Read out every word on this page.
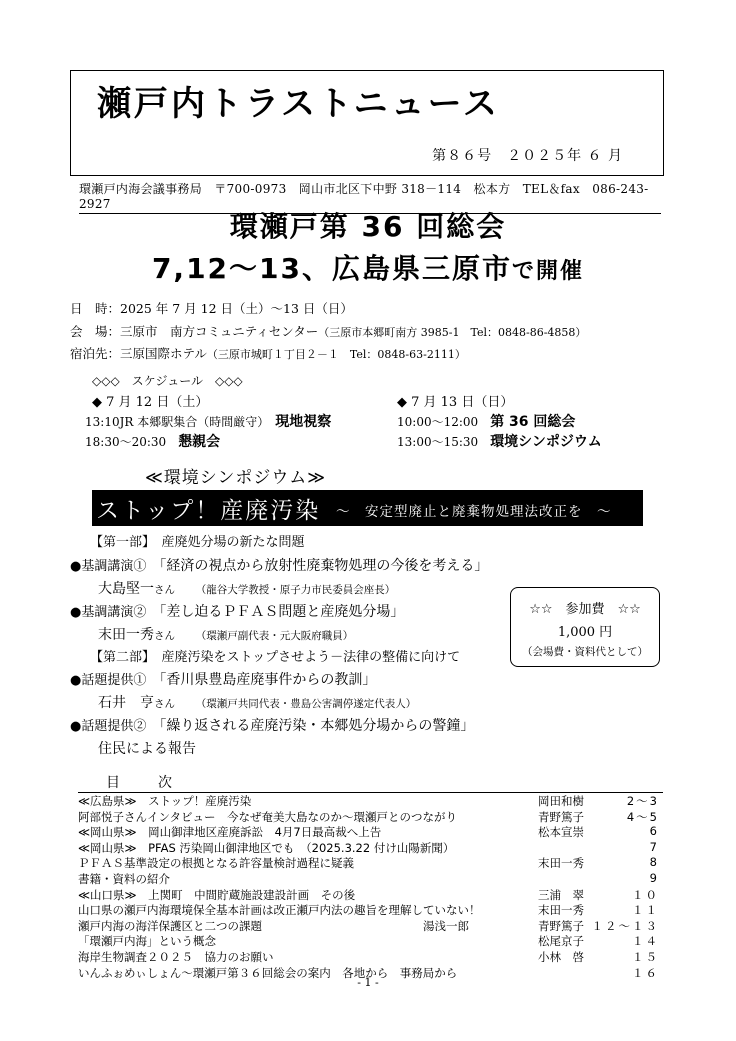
瀬戸内トラストニュース
第８６号　２０２５年 ６ 月
環瀬戸内海会議事務局　〒700-0973　岡山市北区下中野 318－114　松本方　TEL＆fax　086-243-2927
環瀬戸第 36 回総会
7,12～13、広島県三原市で開催
日　時：2025 年 7 月 12 日（土）～13 日（日）
会　場：三原市　南方コミュニティセンター（三原市本郷町南方 3985-1　Tel：0848-86-4858）
宿泊先：三原国際ホテル（三原市城町１丁目２－１　Tel：0848-63-2111）
◇◇◇　スケジュール　◇◇◇
◆ 7 月 12 日（土）
13:10JR 本郷駅集合（時間厳守）　 現地視察
18:30～20:30　 懇親会
◆ 7 月 13 日（日）
10:00～12:00　 第 36 回総会
13:00～15:30　 環境シンポジウム
≪環境シンポジウム≫
ストップ！産廃汚染 ～　安定型廃止と廃棄物処理法改正を　～
【第一部】　 産廃処分場の新たな問題
●基調講演①　 「経済の視点から放射性廃棄物処理の今後を考える」
大島堅一さん　　 （龍谷大学教授・原子力市民委員会座長）
●基調講演②　 「差し迫るＰＦＡＳ問題と産廃処分場」
末田一秀さん　　 （環瀬戸副代表・元大阪府職員）
【第二部】　 産廃汚染をストップさせよう－法律の整備に向けて
●話題提供①　 「香川県豊島産廃事件からの教訓」
石井　亨さん　　 （環瀬戸共同代表・豊島公害調停遂定代表人）
●話題提供②　 「繰り返される産廃汚染・本郷処分場からの警鐘」
住民による報告
☆☆　参加費　☆☆
1,000 円
（会場費・資料代として）
目　次
≪広島県≫　ストップ！産廃汚染	岡田和樹	2～3
阿部悦子さんインタビュー　今なぜ奄美大島なのか～環瀬戸とのつながり	青野篤子	4～5
≪岡山県≫　岡山御津地区産廃訴訟　4月7日最高裁へ上告	松本宣崇	6
≪岡山県≫　PFAS 汚染岡山御津地区でも　（2025.3.22 付け山陽新聞）	7
ＰＦＡＳ基準設定の根拠となる許容量検討過程に疑義	末田一秀	8
書籍・資料の紹介	9
≪山口県≫　上関町　中間貯蔵施設建設計画　その後	三浦　翠	１０
山口県の瀬戸内海環境保全基本計画は改正瀬戸内法の趣旨を理解していない！	末田一秀	１１
瀬戸内海の海洋保護区と二つの課題　　　　　　　　　　　　　　湯浅一郎	青野篤子 １２～１３
「環瀬戸内海」という概念	松尾京子	１４
海岸生物調査２０２５　協力のお願い	小林　啓	１５
いんふぉめぃしょん～環瀬戸第３６回総会の案内　各地から　事務局から	１６
- 1 -
